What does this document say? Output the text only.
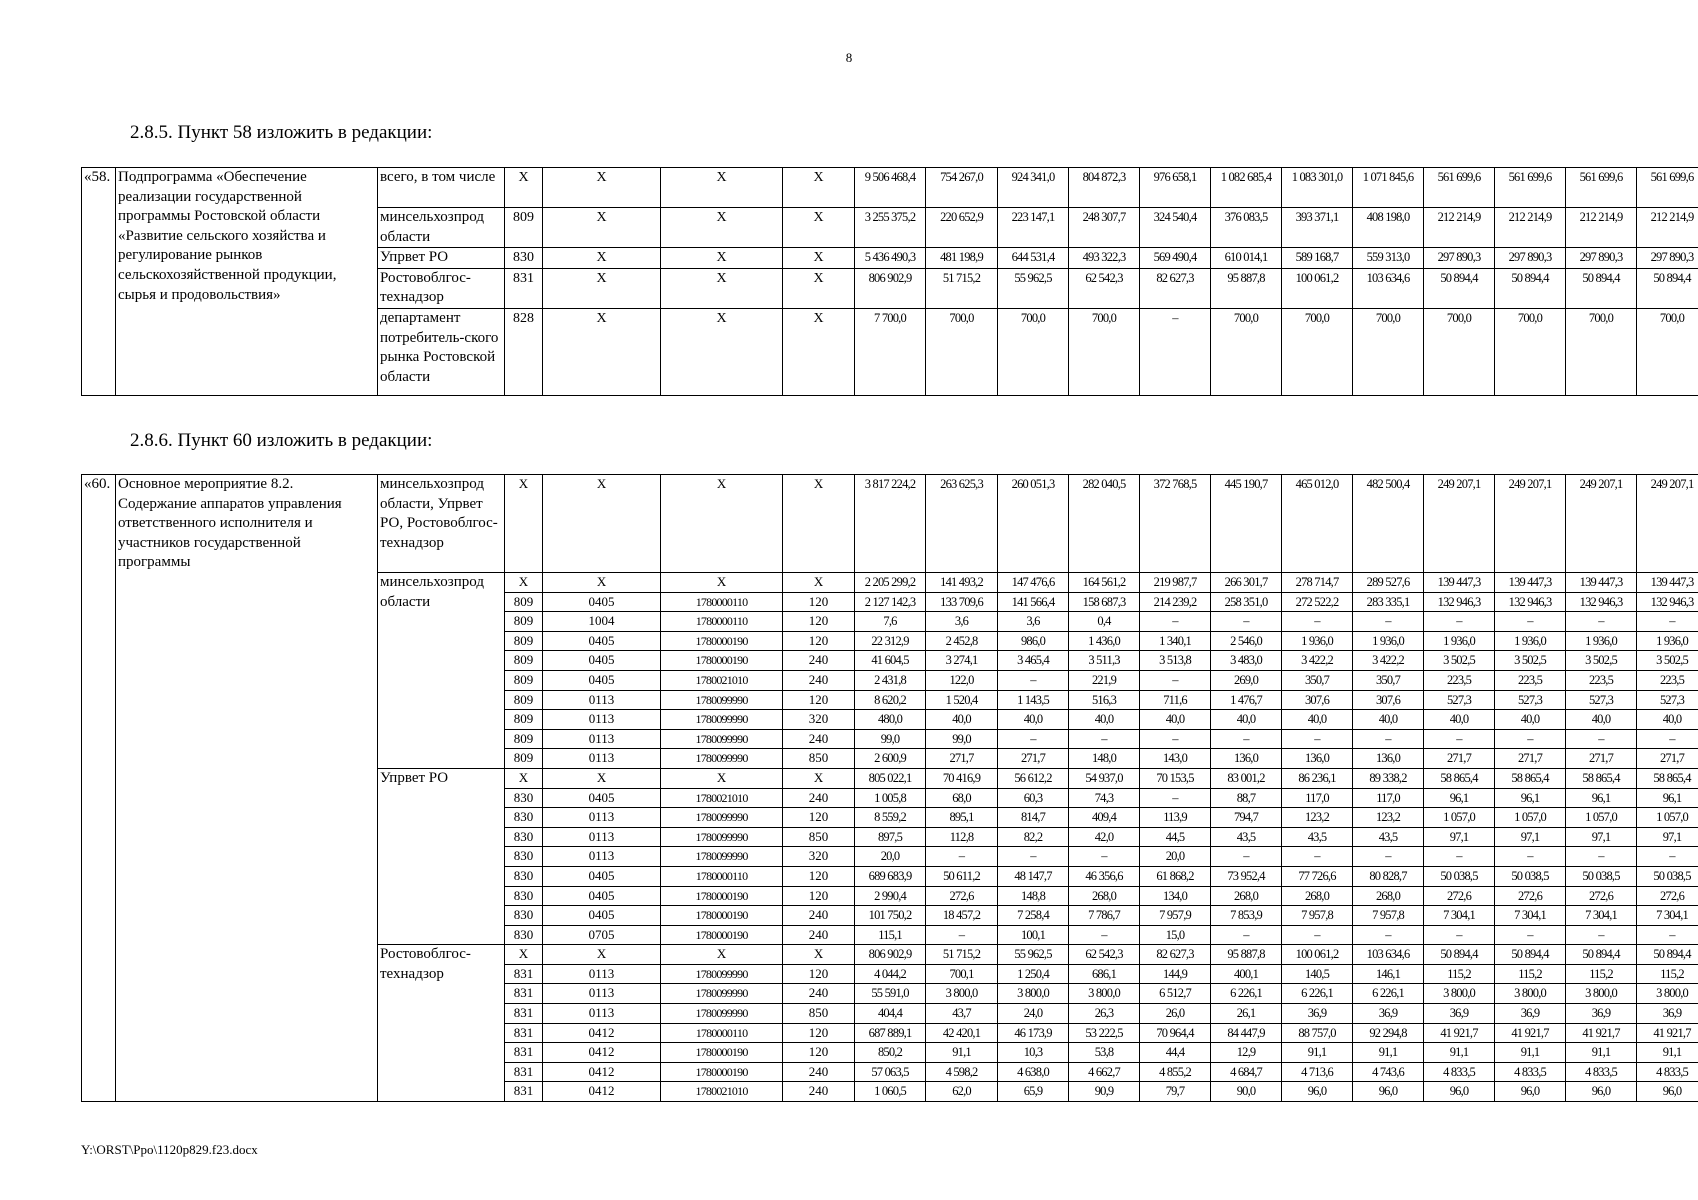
8
2.8.5. Пункт 58 изложить в редакции:
«58.	Подпрограмма «Обеспечение реализации государственной программы Ростовской области «Развитие сельского хозяйства и регулирование рынков сельскохозяйственной продукции, сырья и продовольствия»	всего, в том числе	X	X	X	X	9 506 468,4	754 267,0	924 341,0	804 872,3	976 658,1	1 082 685,4	1 083 301,0	1 071 845,6	561 699,6	561 699,6	561 699,6	561 699,6	
		минсельхозпрод области	809	X	X	X	3 255 375,2	220 652,9	223 147,1	248 307,7	324 540,4	376 083,5	393 371,1	408 198,0	212 214,9	212 214,9	212 214,9	212 214,9	
		Упрвет РО	830	X	X	X	5 436 490,3	481 198,9	644 531,4	493 322,3	569 490,4	610 014,1	589 168,7	559 313,0	297 890,3	297 890,3	297 890,3	297 890,3	
		Ростовоблгос-технадзор	831	X	X	X	806 902,9	51 715,2	55 962,5	62 542,3	82 627,3	95 887,8	100 061,2	103 634,6	50 894,4	50 894,4	50 894,4	50 894,4	
		департамент потребитель-ского рынка Ростовской области	828	X	X	X	7 700,0	700,0	700,0	700,0	–	700,0	700,0	700,0	700,0	700,0	700,0	700,0	
2.8.6. Пункт 60 изложить в редакции:
«60.	Основное мероприятие 8.2. Содержание аппаратов управления ответственного исполнителя и участников государственной программы	минсельхозпрод области, Упрвет РО, Ростовоблгос-технадзор	X	X	X	X	3 817 224,2	263 625,3	260 051,3	282 040,5	372 768,5	445 190,7	465 012,0	482 500,4	249 207,1	249 207,1	249 207,1	249 207,1	
		минсельхозпрод области	X	X	X	X	2 205 299,2	141 493,2	147 476,6	164 561,2	219 987,7	266 301,7	278 714,7	289 527,6	139 447,3	139 447,3	139 447,3	139 447,3	
			809	0405	1780000110	120	2 127 142,3	133 709,6	141 566,4	158 687,3	214 239,2	258 351,0	272 522,2	283 335,1	132 946,3	132 946,3	132 946,3	132 946,3	
			809	1004	1780000110	120	7,6	3,6	3,6	0,4	–	–	–	–	–	–	–	–	
			809	0405	1780000190	120	22 312,9	2 452,8	986,0	1 436,0	1 340,1	2 546,0	1 936,0	1 936,0	1 936,0	1 936,0	1 936,0	1 936,0	
			809	0405	1780000190	240	41 604,5	3 274,1	3 465,4	3 511,3	3 513,8	3 483,0	3 422,2	3 422,2	3 502,5	3 502,5	3 502,5	3 502,5	
			809	0405	1780021010	240	2 431,8	122,0	–	221,9	–	269,0	350,7	350,7	223,5	223,5	223,5	223,5	
			809	0113	1780099990	120	8 620,2	1 520,4	1 143,5	516,3	711,6	1 476,7	307,6	307,6	527,3	527,3	527,3	527,3	
			809	0113	1780099990	320	480,0	40,0	40,0	40,0	40,0	40,0	40,0	40,0	40,0	40,0	40,0	40,0	
			809	0113	1780099990	240	99,0	99,0	–	–	–	–	–	–	–	–	–	–	
			809	0113	1780099990	850	2 600,9	271,7	271,7	148,0	143,0	136,0	136,0	136,0	271,7	271,7	271,7	271,7	
		Упрвет РО	X	X	X	X	805 022,1	70 416,9	56 612,2	54 937,0	70 153,5	83 001,2	86 236,1	89 338,2	58 865,4	58 865,4	58 865,4	58 865,4	
			830	0405	1780021010	240	1 005,8	68,0	60,3	74,3	–	88,7	117,0	117,0	96,1	96,1	96,1	96,1	
			830	0113	1780099990	120	8 559,2	895,1	814,7	409,4	113,9	794,7	123,2	123,2	1 057,0	1 057,0	1 057,0	1 057,0	
			830	0113	1780099990	850	897,5	112,8	82,2	42,0	44,5	43,5	43,5	43,5	97,1	97,1	97,1	97,1	
			830	0113	1780099990	320	20,0	–	–	–	20,0	–	–	–	–	–	–	–	
			830	0405	1780000110	120	689 683,9	50 611,2	48 147,7	46 356,6	61 868,2	73 952,4	77 726,6	80 828,7	50 038,5	50 038,5	50 038,5	50 038,5	
			830	0405	1780000190	120	2 990,4	272,6	148,8	268,0	134,0	268,0	268,0	268,0	272,6	272,6	272,6	272,6	
			830	0405	1780000190	240	101 750,2	18 457,2	7 258,4	7 786,7	7 957,9	7 853,9	7 957,8	7 957,8	7 304,1	7 304,1	7 304,1	7 304,1	
			830	0705	1780000190	240	115,1	–	100,1	–	15,0	–	–	–	–	–	–	–	
		Ростовоблгос-технадзор	X	X	X	X	806 902,9	51 715,2	55 962,5	62 542,3	82 627,3	95 887,8	100 061,2	103 634,6	50 894,4	50 894,4	50 894,4	50 894,4	
			831	0113	1780099990	120	4 044,2	700,1	1 250,4	686,1	144,9	400,1	140,5	146,1	115,2	115,2	115,2	115,2	
			831	0113	1780099990	240	55 591,0	3 800,0	3 800,0	3 800,0	6 512,7	6 226,1	6 226,1	6 226,1	3 800,0	3 800,0	3 800,0	3 800,0	
			831	0113	1780099990	850	404,4	43,7	24,0	26,3	26,0	26,1	36,9	36,9	36,9	36,9	36,9	36,9	
			831	0412	1780000110	120	687 889,1	42 420,1	46 173,9	53 222,5	70 964,4	84 447,9	88 757,0	92 294,8	41 921,7	41 921,7	41 921,7	41 921,7	
			831	0412	1780000190	120	850,2	91,1	10,3	53,8	44,4	12,9	91,1	91,1	91,1	91,1	91,1	91,1	
			831	0412	1780000190	240	57 063,5	4 598,2	4 638,0	4 662,7	4 855,2	4 684,7	4 713,6	4 743,6	4 833,5	4 833,5	4 833,5	4 833,5	
			831	0412	1780021010	240	1 060,5	62,0	65,9	90,9	79,7	90,0	96,0	96,0	96,0	96,0	96,0	96,0	
Y:\ORST\Ppo\1120p829.f23.docx
